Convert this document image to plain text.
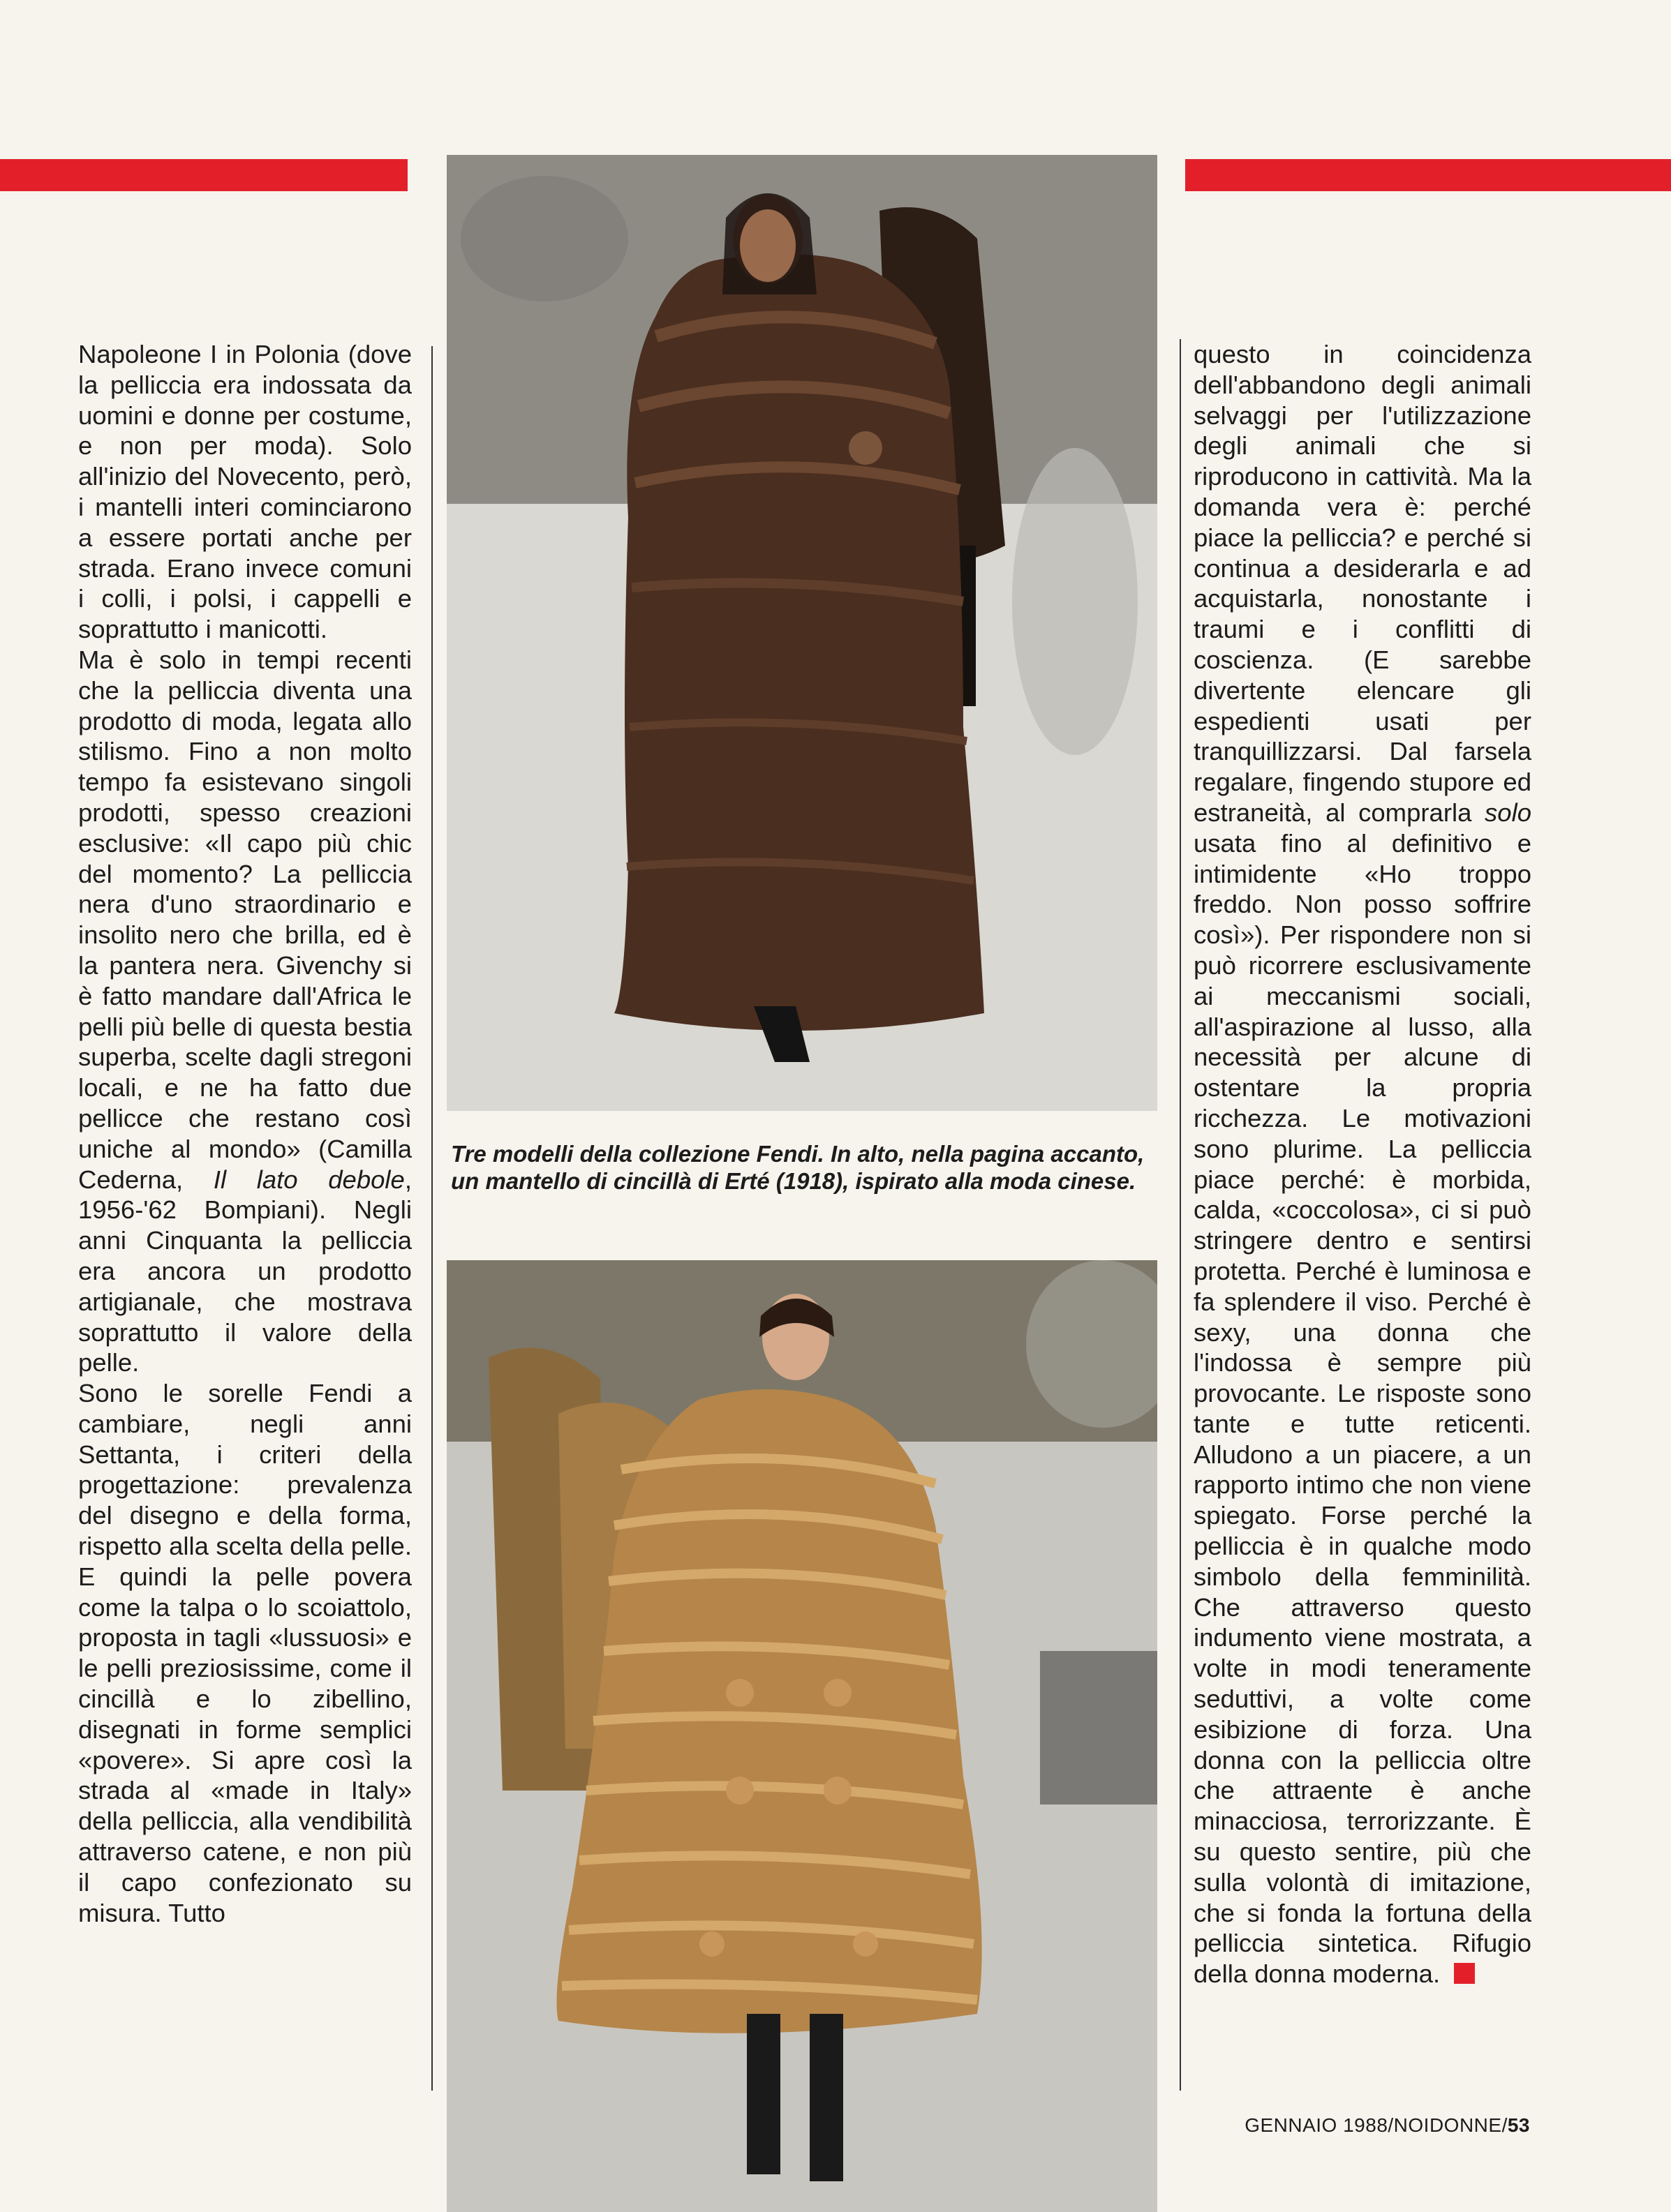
Napoleone I in Polonia (dove la pelliccia era indossata da uomini e donne per costume, e non per moda). Solo all'inizio del Novecento, però, i mantelli interi cominciarono a essere portati anche per strada. Erano invece comuni i colli, i polsi, i cappelli e soprattutto i manicotti.

Ma è solo in tempi recenti che la pelliccia diventa una prodotto di moda, legata allo stilismo. Fino a non molto tempo fa esistevano singoli prodotti, spesso creazioni esclusive: «Il capo più chic del momento? La pelliccia nera d'uno straordinario e insolito nero che brilla, ed è la pantera nera. Givenchy si è fatto mandare dall'Africa le pelli più belle di questa bestia superba, scelte dagli stregoni locali, e ne ha fatto due pellicce che restano così uniche al mondo» (Camilla Cederna, Il lato debole, 1956-'62 Bompiani). Negli anni Cinquanta la pelliccia era ancora un prodotto artigianale, che mostrava soprattutto il valore della pelle.

Sono le sorelle Fendi a cambiare, negli anni Settanta, i criteri della progettazione: prevalenza del disegno e della forma, rispetto alla scelta della pelle. E quindi la pelle povera come la talpa o lo scoiattolo, proposta in tagli «lussuosi» e le pelli preziosissime, come il cincillà e lo zibellino, disegnati in forme semplici «povere». Si apre così la strada al «made in Italy» della pelliccia, alla vendibilità attraverso catene, e non più il capo confezionato su misura. Tutto

Tre modelli della collezione Fendi. In alto, nella pagina accanto, un mantello di cincillà di Erté (1918), ispirato alla moda cinese.

questo in coincidenza dell'abbandono degli animali selvaggi per l'utilizzazione degli animali che si riproducono in cattività. Ma la domanda vera è: perché piace la pelliccia? e perché si continua a desiderarla e ad acquistarla, nonostante i traumi e i conflitti di coscienza. (E sarebbe divertente elencare gli espedienti usati per tranquillizzarsi. Dal farsela regalare, fingendo stupore ed estraneità, al comprarla solo usata fino al definitivo e intimidente «Ho troppo freddo. Non posso soffrire così»). Per rispondere non si può ricorrere esclusivamente ai meccanismi sociali, all'aspirazione al lusso, alla necessità per alcune di ostentare la propria ricchezza. Le motivazioni sono plurime. La pelliccia piace perché: è morbida, calda, «coccolosa», ci si può stringere dentro e sentirsi protetta. Perché è luminosa e fa splendere il viso. Perché è sexy, una donna che l'indossa è sempre più provocante. Le risposte sono tante e tutte reticenti. Alludono a un piacere, a un rapporto intimo che non viene spiegato. Forse perché la pelliccia è in qualche modo simbolo della femminilità. Che attraverso questo indumento viene mostrata, a volte in modi teneramente seduttivi, a volte come esibizione di forza. Una donna con la pelliccia oltre che attraente è anche minacciosa, terrorizzante. È su questo sentire, più che sulla volontà di imitazione, che si fonda la fortuna della pelliccia sintetica. Rifugio della donna moderna.

GENNAIO 1988/NOIDONNE/53
